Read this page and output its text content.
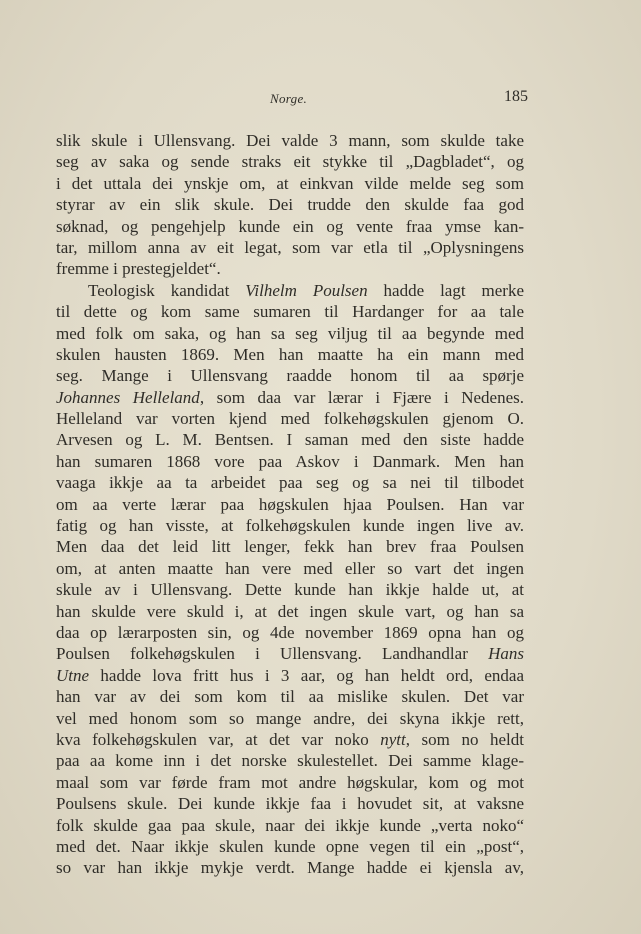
Norge.	185
slik skule i Ullensvang. Dei valde 3 mann, som skulde take
seg av saka og sende straks eit stykke til „Dagbladet“, og
i det uttala dei ynskje om, at einkvan vilde melde seg som
styrar av ein slik skule. Dei trudde den skulde faa god
søknad, og pengehjelp kunde ein og vente fraa ymse kan-
tar, millom anna av eit legat, som var etla til „Oplysningens
fremme i prestegjeldet“.
Teologisk kandidat Vilhelm Poulsen hadde lagt merke
til dette og kom same sumaren til Hardanger for aa tale
med folk om saka, og han sa seg viljug til aa begynde med
skulen hausten 1869. Men han maatte ha ein mann med
seg. Mange i Ullensvang raadde honom til aa spørje
Johannes Helleland, som daa var lærar i Fjære i Nedenes.
Helleland var vorten kjend med folkehøgskulen gjenom O.
Arvesen og L. M. Bentsen. I saman med den siste hadde
han sumaren 1868 vore paa Askov i Danmark. Men han
vaaga ikkje aa ta arbeidet paa seg og sa nei til tilbodet
om aa verte lærar paa høgskulen hjaa Poulsen. Han var
fatig og han visste, at folkehøgskulen kunde ingen live av.
Men daa det leid litt lenger, fekk han brev fraa Poulsen
om, at anten maatte han vere med eller so vart det ingen
skule av i Ullensvang. Dette kunde han ikkje halde ut, at
han skulde vere skuld i, at det ingen skule vart, og han sa
daa op lærarposten sin, og 4de november 1869 opna han og
Poulsen folkehøgskulen i Ullensvang. Landhandlar Hans
Utne hadde lova fritt hus i 3 aar, og han heldt ord, endaa
han var av dei som kom til aa mislike skulen. Det var
vel med honom som so mange andre, dei skyna ikkje rett,
kva folkehøgskulen var, at det var noko nytt, som no heldt
paa aa kome inn i det norske skulestellet. Dei samme klage-
maal som var førde fram mot andre høgskular, kom og mot
Poulsens skule. Dei kunde ikkje faa i hovudet sit, at vaksne
folk skulde gaa paa skule, naar dei ikkje kunde „verta noko“
med det. Naar ikkje skulen kunde opne vegen til ein „post“,
so var han ikkje mykje verdt. Mange hadde ei kjensla av,
